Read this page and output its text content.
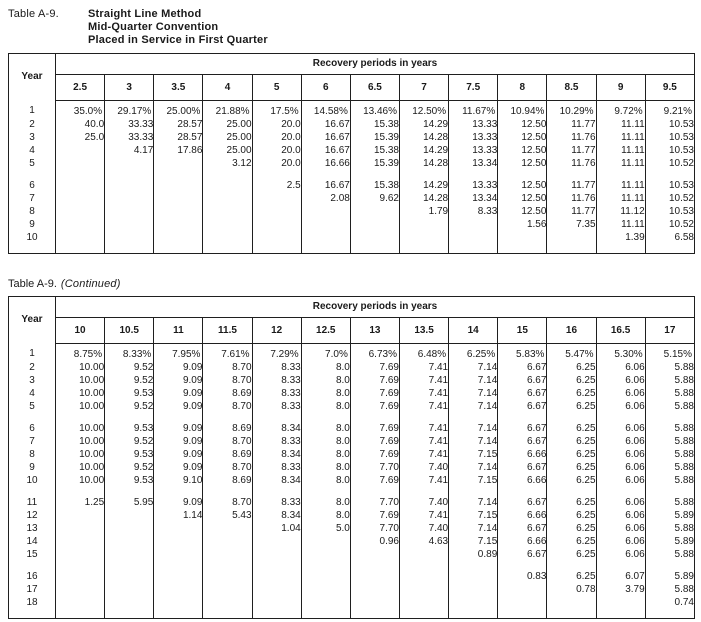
Table A-9.	Straight Line Method
Mid-Quarter Convention
Placed in Service in First Quarter
Year	Recovery periods in years												
	2.5	3	3.5	4	5	6	6.5	7	7.5	8	8.5	9	9.5
1	35.0%	29.17%	25.00%	21.88%	17.5%	14.58%	13.46%	12.50%	11.67%	10.94%	10.29%	9.72%	9.21%
2	40.0	33.33	28.57	25.00	20.0	16.67	15.38	14.29	13.33	12.50	11.77	11.11	10.53
3	25.0	33.33	28.57	25.00	20.0	16.67	15.39	14.28	13.33	12.50	11.76	11.11	10.53
4		4.17	17.86	25.00	20.0	16.67	15.38	14.29	13.33	12.50	11.77	11.11	10.53
5				3.12	20.0	16.66	15.39	14.28	13.34	12.50	11.76	11.11	10.52

6					2.5	16.67	15.38	14.29	13.33	12.50	11.77	11.11	10.53
7						2.08	9.62	14.28	13.34	12.50	11.76	11.11	10.52
8								1.79	8.33	12.50	11.77	11.12	10.53
9										1.56	7.35	11.11	10.52
10												1.39	6.58

Table A-9. (Continued)
Year	Recovery periods in years												
	10	10.5	11	11.5	12	12.5	13	13.5	14	15	16	16.5	17
1	8.75%	8.33%	7.95%	7.61%	7.29%	7.0%	6.73%	6.48%	6.25%	5.83%	5.47%	5.30%	5.15%
2	10.00	9.52	9.09	8.70	8.33	8.0	7.69	7.41	7.14	6.67	6.25	6.06	5.88
3	10.00	9.52	9.09	8.70	8.33	8.0	7.69	7.41	7.14	6.67	6.25	6.06	5.88
4	10.00	9.53	9.09	8.69	8.33	8.0	7.69	7.41	7.14	6.67	6.25	6.06	5.88
5	10.00	9.52	9.09	8.70	8.33	8.0	7.69	7.41	7.14	6.67	6.25	6.06	5.88

6	10.00	9.53	9.09	8.69	8.34	8.0	7.69	7.41	7.14	6.67	6.25	6.06	5.88
7	10.00	9.52	9.09	8.70	8.33	8.0	7.69	7.41	7.14	6.67	6.25	6.06	5.88
8	10.00	9.53	9.09	8.69	8.34	8.0	7.69	7.41	7.15	6.66	6.25	6.06	5.88
9	10.00	9.52	9.09	8.70	8.33	8.0	7.70	7.40	7.14	6.67	6.25	6.06	5.88
10	10.00	9.53	9.10	8.69	8.34	8.0	7.69	7.41	7.15	6.66	6.25	6.06	5.88

11	1.25	5.95	9.09	8.70	8.33	8.0	7.70	7.40	7.14	6.67	6.25	6.06	5.88
12			1.14	5.43	8.34	8.0	7.69	7.41	7.15	6.66	6.25	6.06	5.89
13					1.04	5.0	7.70	7.40	7.14	6.67	6.25	6.06	5.88
14							0.96	4.63	7.15	6.66	6.25	6.06	5.89
15									0.89	6.67	6.25	6.06	5.88

16										0.83	6.25	6.07	5.89
17											0.78	3.79	5.88
18													0.74
